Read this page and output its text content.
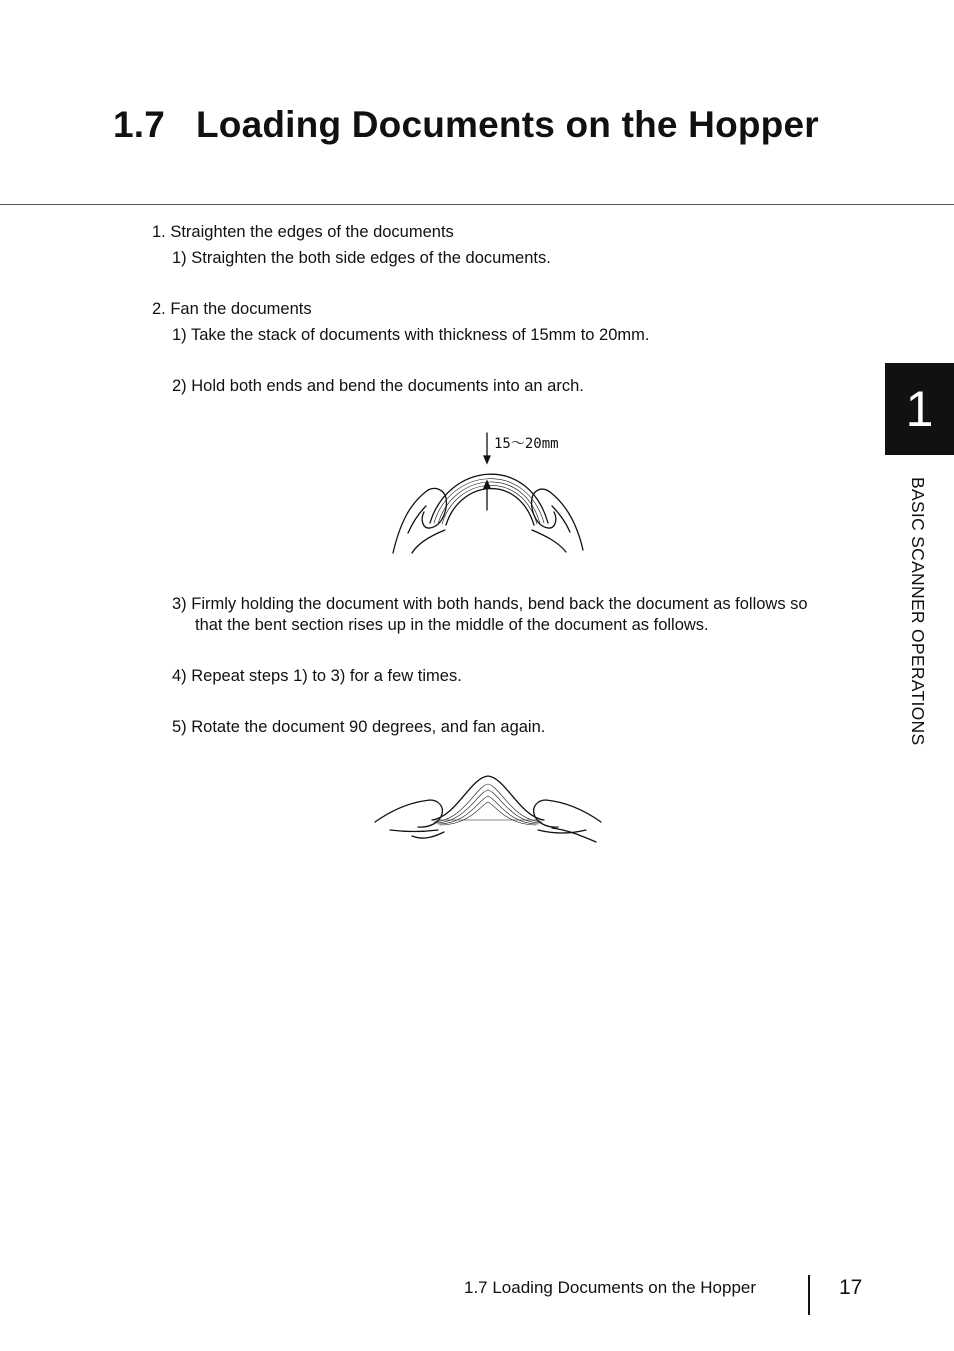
1.7 Loading Documents on the Hopper
1. Straighten the edges of the documents
1) Straighten the both side edges of the documents.
2. Fan the documents
1) Take the stack of documents with thickness of 15mm to 20mm.
2) Hold both ends and bend the documents into an arch.
15～20mm
3) Firmly holding the document with both hands, bend back the document as follows so
that the bent section rises up in the middle of the document as follows.
4) Repeat steps 1) to 3) for a few times.
5) Rotate the document 90 degrees, and fan again.
1
BASIC SCANNER OPERATIONS
1.7 Loading Documents on the Hopper	17
